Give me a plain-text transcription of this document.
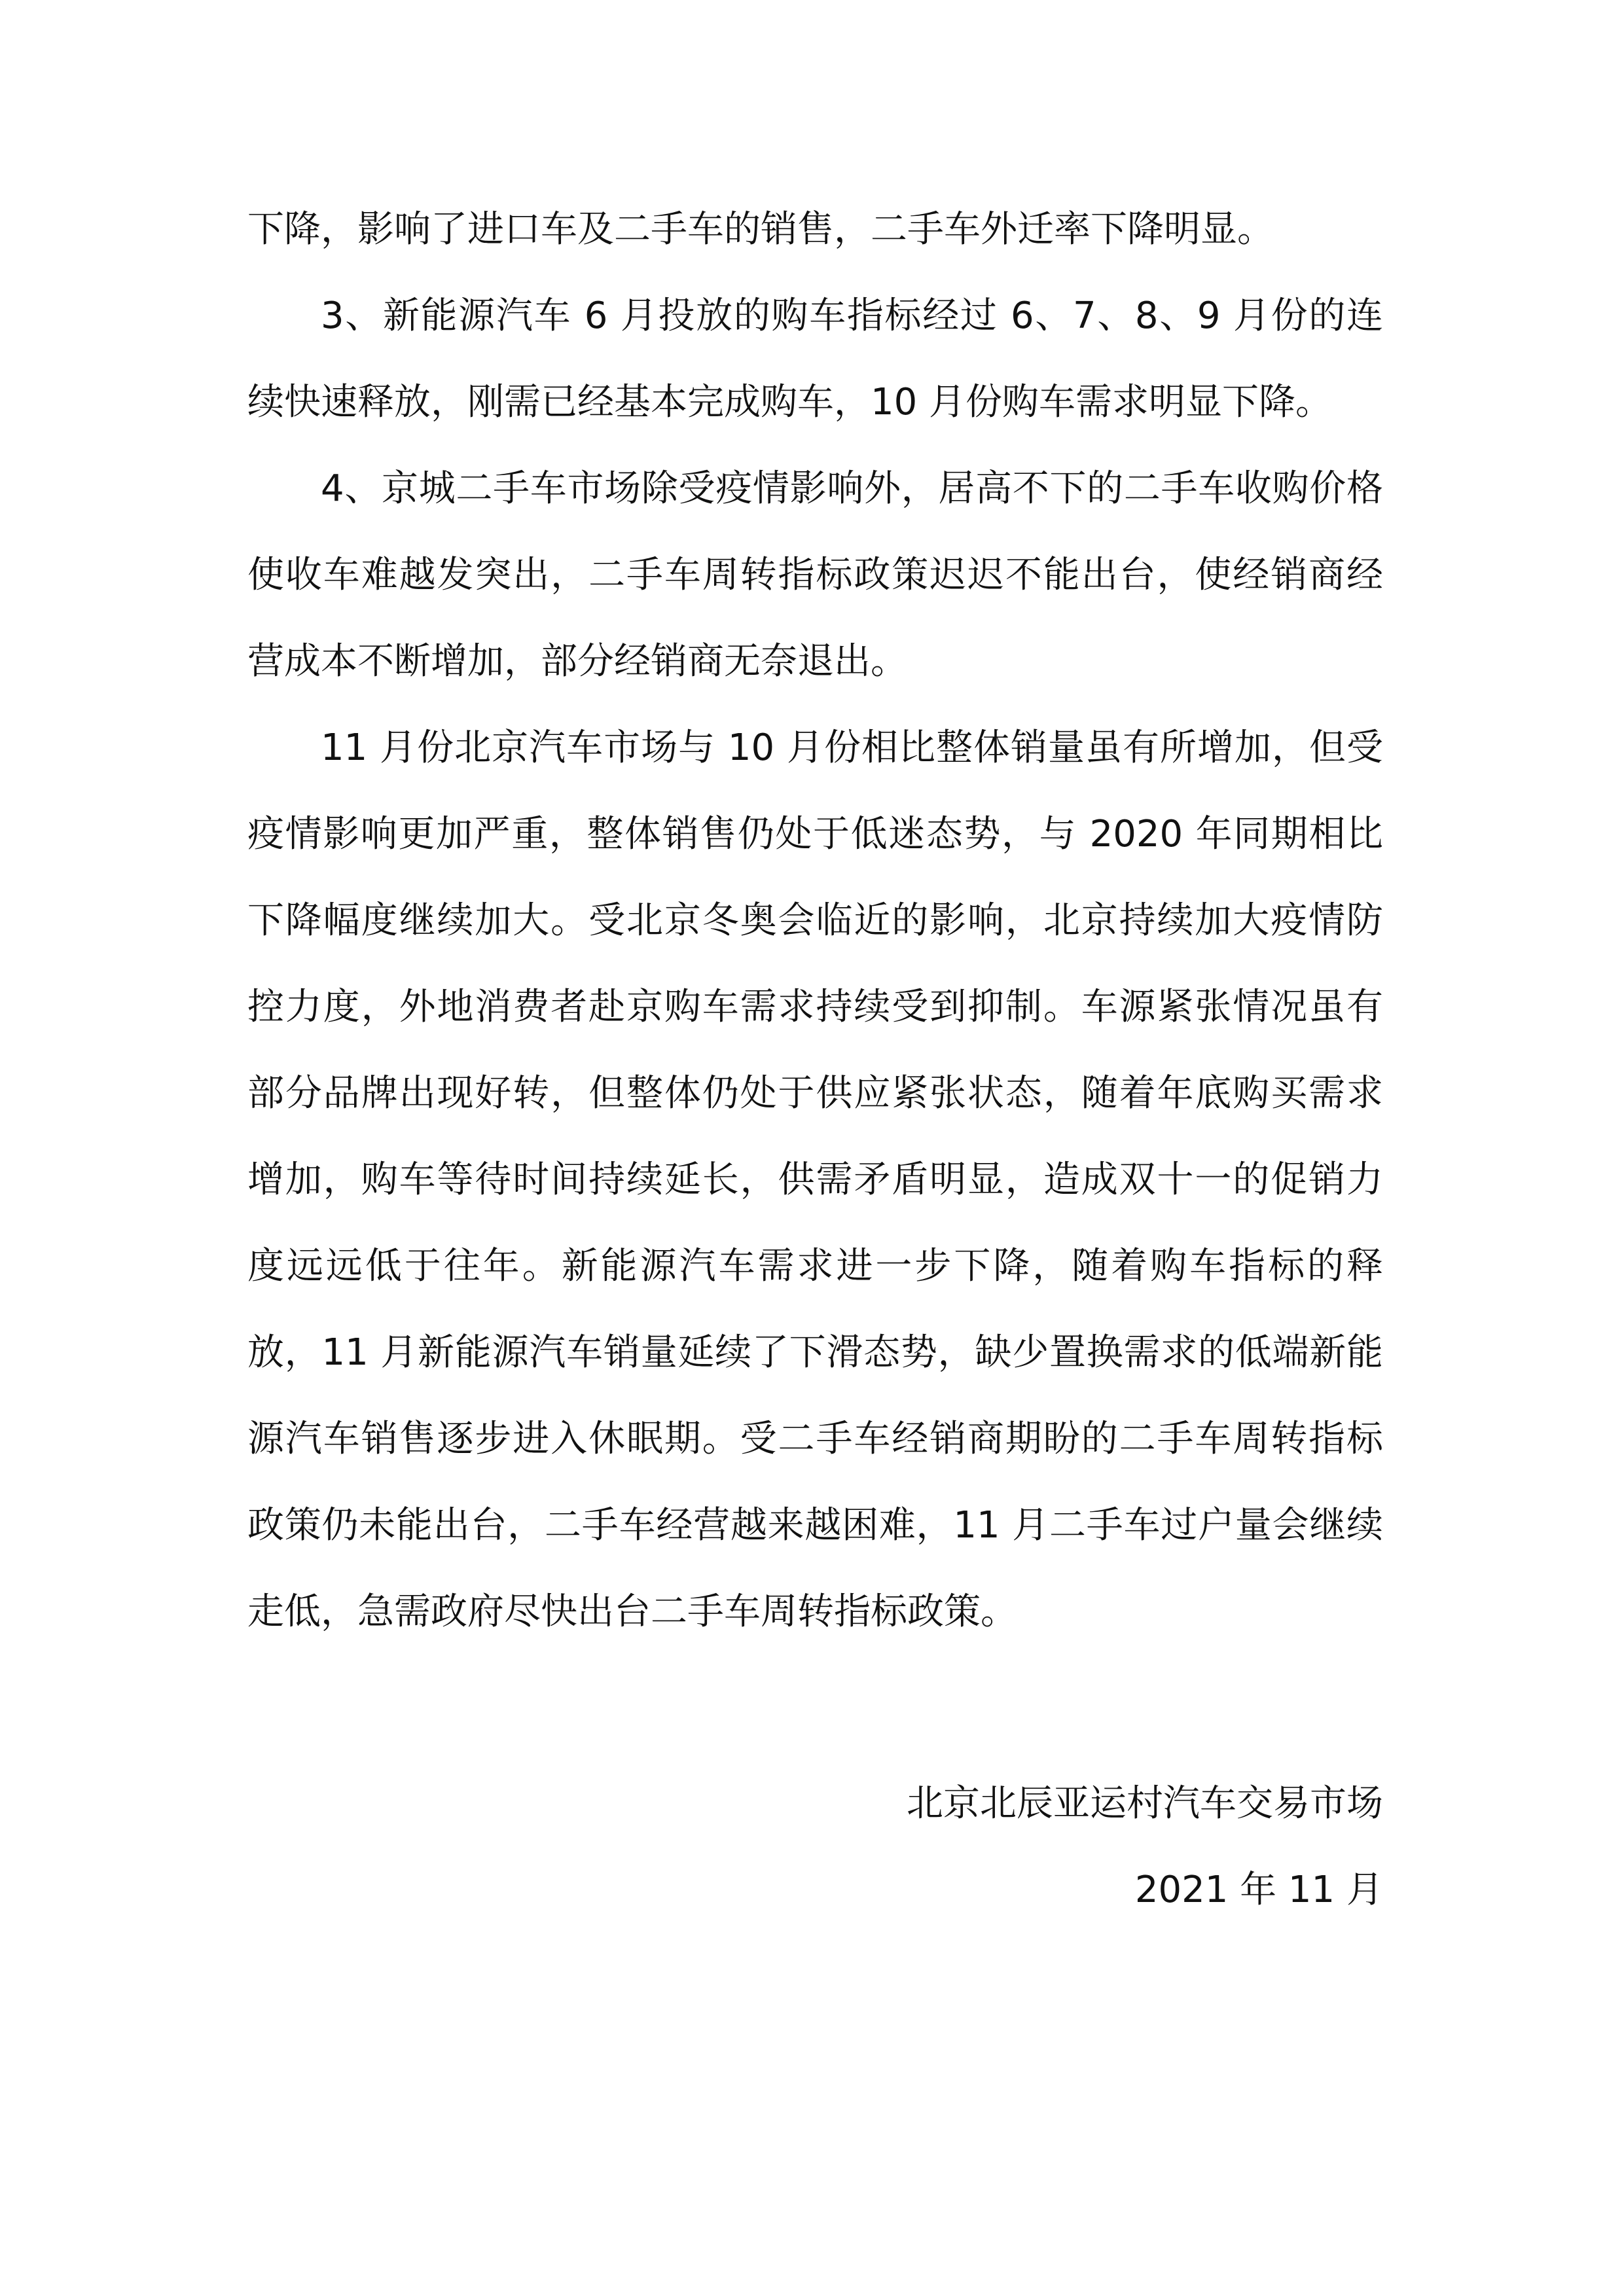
下降，影响了进口车及二手车的销售，二手车外迁率下降明显。

3、新能源汽车 6 月投放的购车指标经过 6、7、8、9 月份的连续快速释放，刚需已经基本完成购车，10 月份购车需求明显下降。

4、京城二手车市场除受疫情影响外，居高不下的二手车收购价格使收车难越发突出，二手车周转指标政策迟迟不能出台，使经销商经营成本不断增加，部分经销商无奈退出。

11 月份北京汽车市场与 10 月份相比整体销量虽有所增加，但受疫情影响更加严重，整体销售仍处于低迷态势，与 2020 年同期相比下降幅度继续加大。受北京冬奥会临近的影响，北京持续加大疫情防控力度，外地消费者赴京购车需求持续受到抑制。车源紧张情况虽有部分品牌出现好转，但整体仍处于供应紧张状态，随着年底购买需求增加，购车等待时间持续延长，供需矛盾明显，造成双十一的促销力度远远低于往年。新能源汽车需求进一步下降，随着购车指标的释放，11 月新能源汽车销量延续了下滑态势，缺少置换需求的低端新能源汽车销售逐步进入休眠期。受二手车经销商期盼的二手车周转指标政策仍未能出台，二手车经营越来越困难，11 月二手车过户量会继续走低，急需政府尽快出台二手车周转指标政策。

北京北辰亚运村汽车交易市场

2021 年 11 月
